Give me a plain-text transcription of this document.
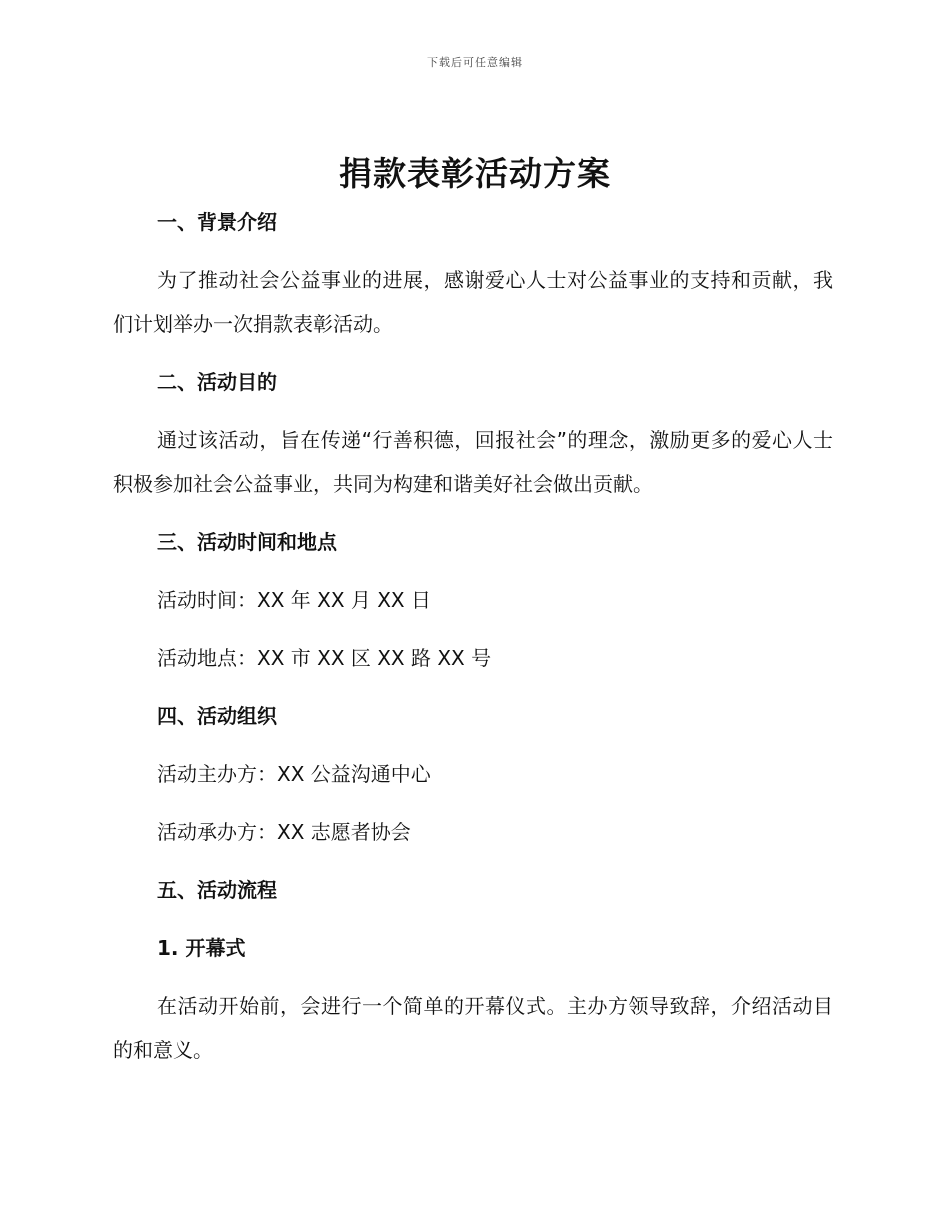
下载后可任意编辑
捐款表彰活动方案
一、背景介绍

为了推动社会公益事业的进展，感谢爱心人士对公益事业的支持和贡献，我们计划举办一次捐款表彰活动。

二、活动目的

通过该活动，旨在传递“行善积德，回报社会”的理念，激励更多的爱心人士积极参加社会公益事业，共同为构建和谐美好社会做出贡献。

三、活动时间和地点

活动时间：XX 年 XX 月 XX 日

活动地点：XX 市 XX 区 XX 路 XX 号

四、活动组织

活动主办方：XX 公益沟通中心

活动承办方：XX 志愿者协会

五、活动流程
1. 开幕式

在活动开始前，会进行一个简单的开幕仪式。主办方领导致辞，介绍活动目的和意义。
